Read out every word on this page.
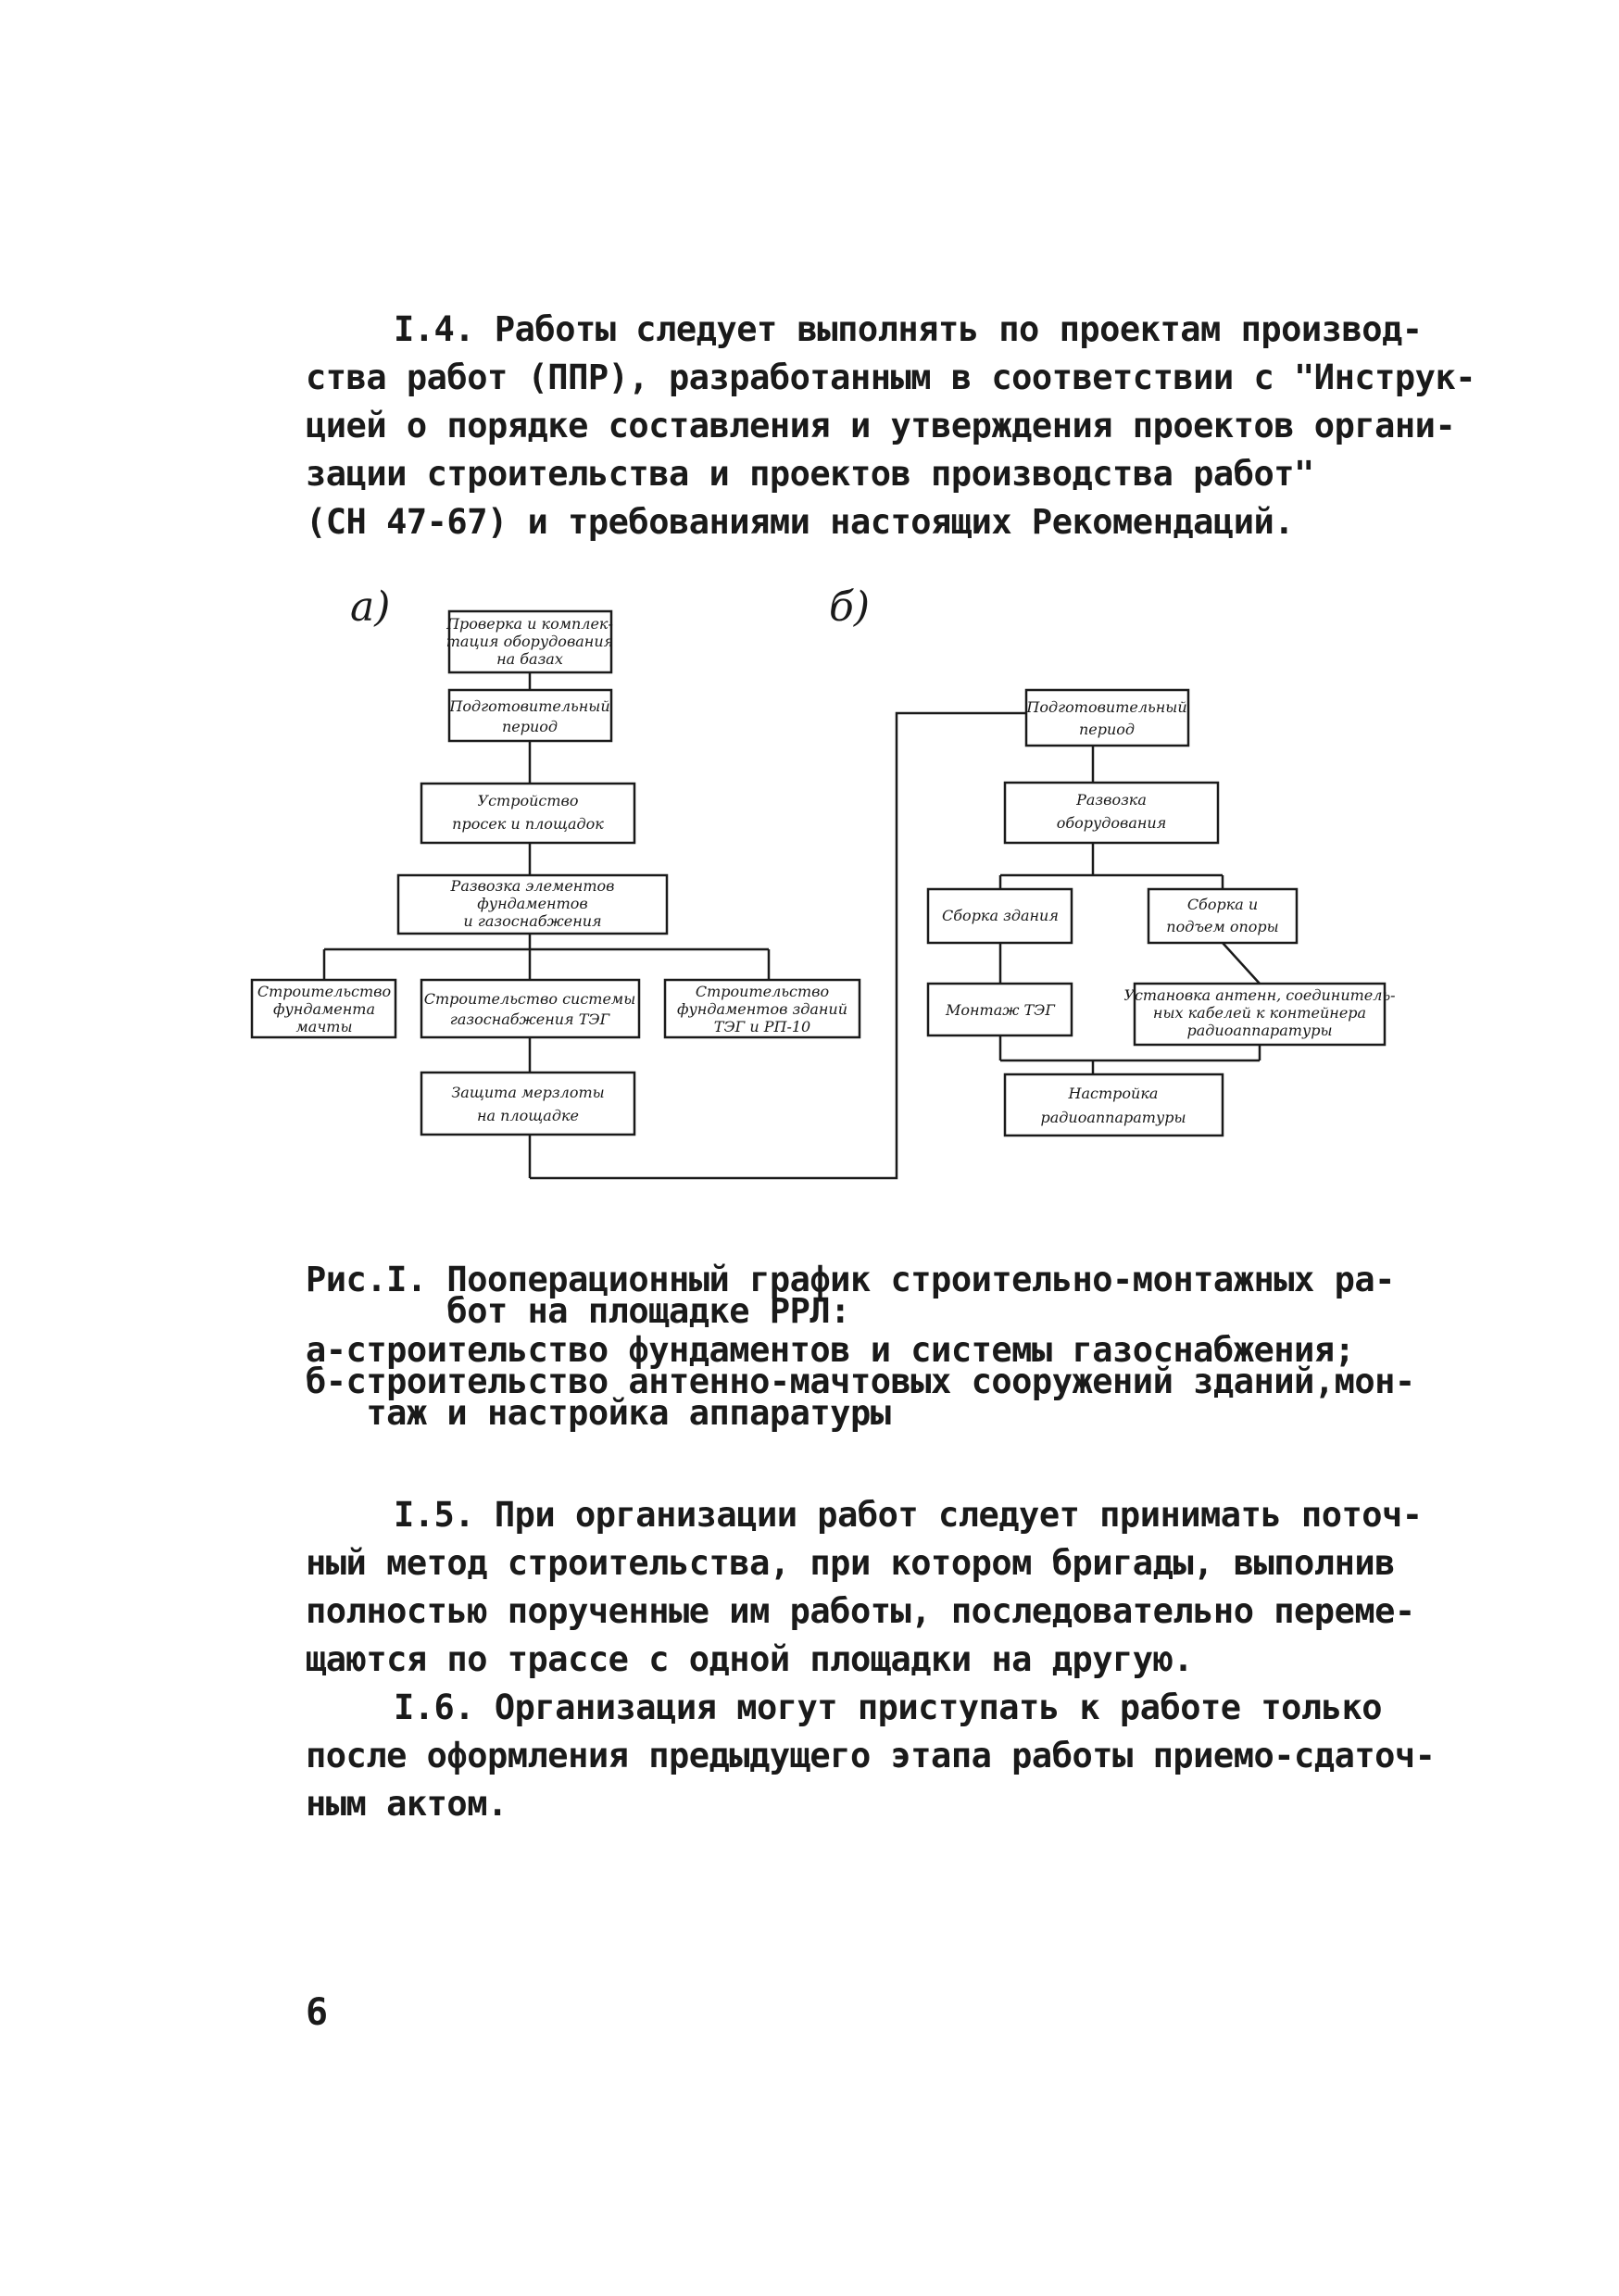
I.4. Работы следует выполнять по проектам производ-
ства работ (ППР), разработанным в соответствии с "Инструк-
цией о порядке составления и утверждения проектов органи-
зации строительства и проектов производства работ"
(СН 47-67) и требованиями настоящих Рекомендаций.
а)	б)
Проверка и комплек-
тация оборудования
на базах
Подготовительный
период
Устройство
просек и площадок
Развозка элементов
фундаментов
и газоснабжения
Строительство
фундамента
мачты
Строительство системы
газоснабжения ТЭГ
Строительство
фундаментов зданий
ТЭГ и РП-10
Защита мерзлоты
на площадке
Подготовительный
период
Развозка
оборудования
Сборка здания
Сборка и
подъем опоры
Монтаж ТЭГ
Установка антенн, соединитель-
ных кабелей к контейнера
радиоаппаратуры
Настройка
радиоаппаратуры
Рис.I. Пооперационный график строительно-монтажных ра-
бот на площадке РРЛ:
а-строительство фундаментов и системы газоснабжения;
б-строительство антенно-мачтовых сооружений зданий,мон-
таж и настройка аппаратуры
I.5. При организации работ следует принимать поточ-
ный метод строительства, при котором бригады, выполнив
полностью порученные им работы, последовательно переме-
щаются по трассе с одной площадки на другую.
I.6. Организация могут приступать к работе только
после оформления предыдущего этапа работы приемо-сдаточ-
ным актом.
6
